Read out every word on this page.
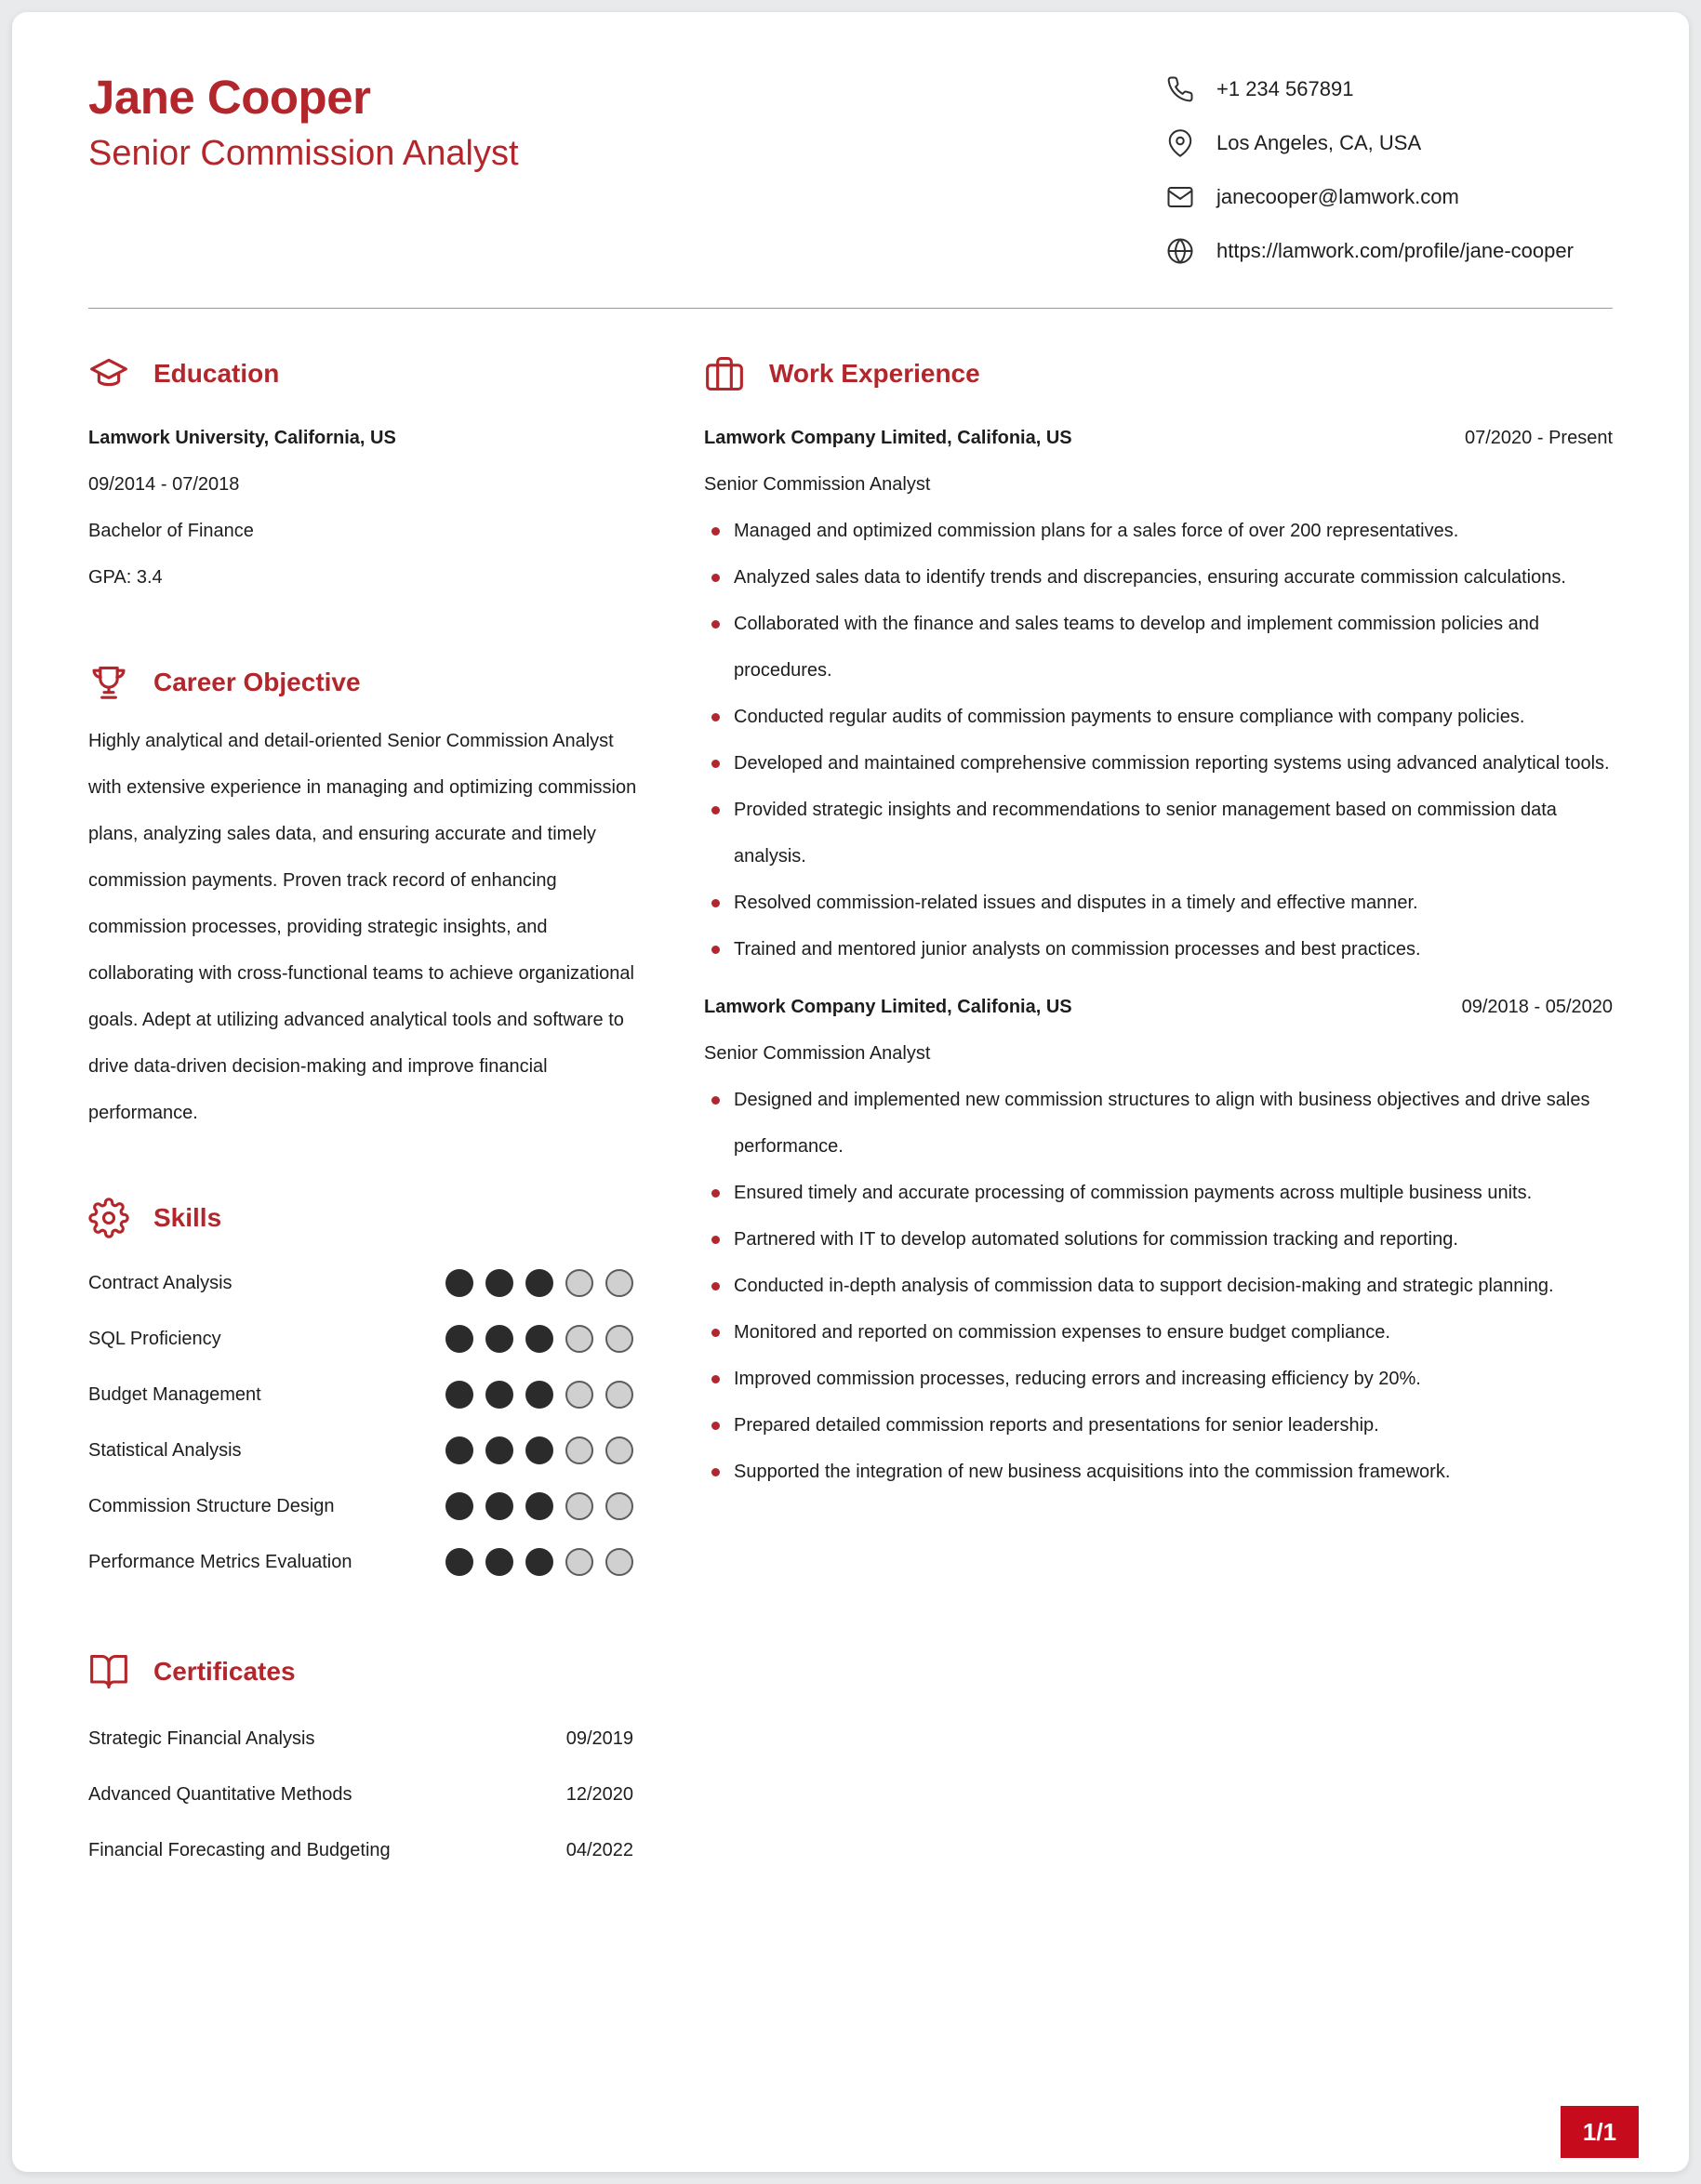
Jane Cooper
Senior Commission Analyst
+1 234 567891
Los Angeles, CA, USA
janecooper@lamwork.com
https://lamwork.com/profile/jane-cooper
Education
Lamwork University, California, US
09/2014 - 07/2018
Bachelor of Finance
GPA: 3.4
Career Objective

Highly analytical and detail-oriented Senior Commission Analyst with extensive experience in managing and optimizing commission plans, analyzing sales data, and ensuring accurate and timely commission payments. Proven track record of enhancing commission processes, providing strategic insights, and collaborating with cross-functional teams to achieve organizational goals. Adept at utilizing advanced analytical tools and software to drive data-driven decision-making and improve financial performance.

Skills
Contract Analysis
SQL Proficiency
Budget Management
Statistical Analysis
Commission Structure Design
Performance Metrics Evaluation
Certificates
Strategic Financial Analysis	09/2019
Advanced Quantitative Methods	12/2020
Financial Forecasting and Budgeting	04/2022
Work Experience
Lamwork Company Limited, Califonia, US	07/2020 - Present
Senior Commission Analyst
Managed and optimized commission plans for a sales force of over 200 representatives.
Analyzed sales data to identify trends and discrepancies, ensuring accurate commission calculations.
Collaborated with the finance and sales teams to develop and implement commission policies and procedures.
Conducted regular audits of commission payments to ensure compliance with company policies.
Developed and maintained comprehensive commission reporting systems using advanced analytical tools.
Provided strategic insights and recommendations to senior management based on commission data analysis.
Resolved commission-related issues and disputes in a timely and effective manner.
Trained and mentored junior analysts on commission processes and best practices.
Lamwork Company Limited, Califonia, US	09/2018 - 05/2020
Senior Commission Analyst
Designed and implemented new commission structures to align with business objectives and drive sales performance.
Ensured timely and accurate processing of commission payments across multiple business units.
Partnered with IT to develop automated solutions for commission tracking and reporting.
Conducted in-depth analysis of commission data to support decision-making and strategic planning.
Monitored and reported on commission expenses to ensure budget compliance.
Improved commission processes, reducing errors and increasing efficiency by 20%.
Prepared detailed commission reports and presentations for senior leadership.
Supported the integration of new business acquisitions into the commission framework.
1/1
